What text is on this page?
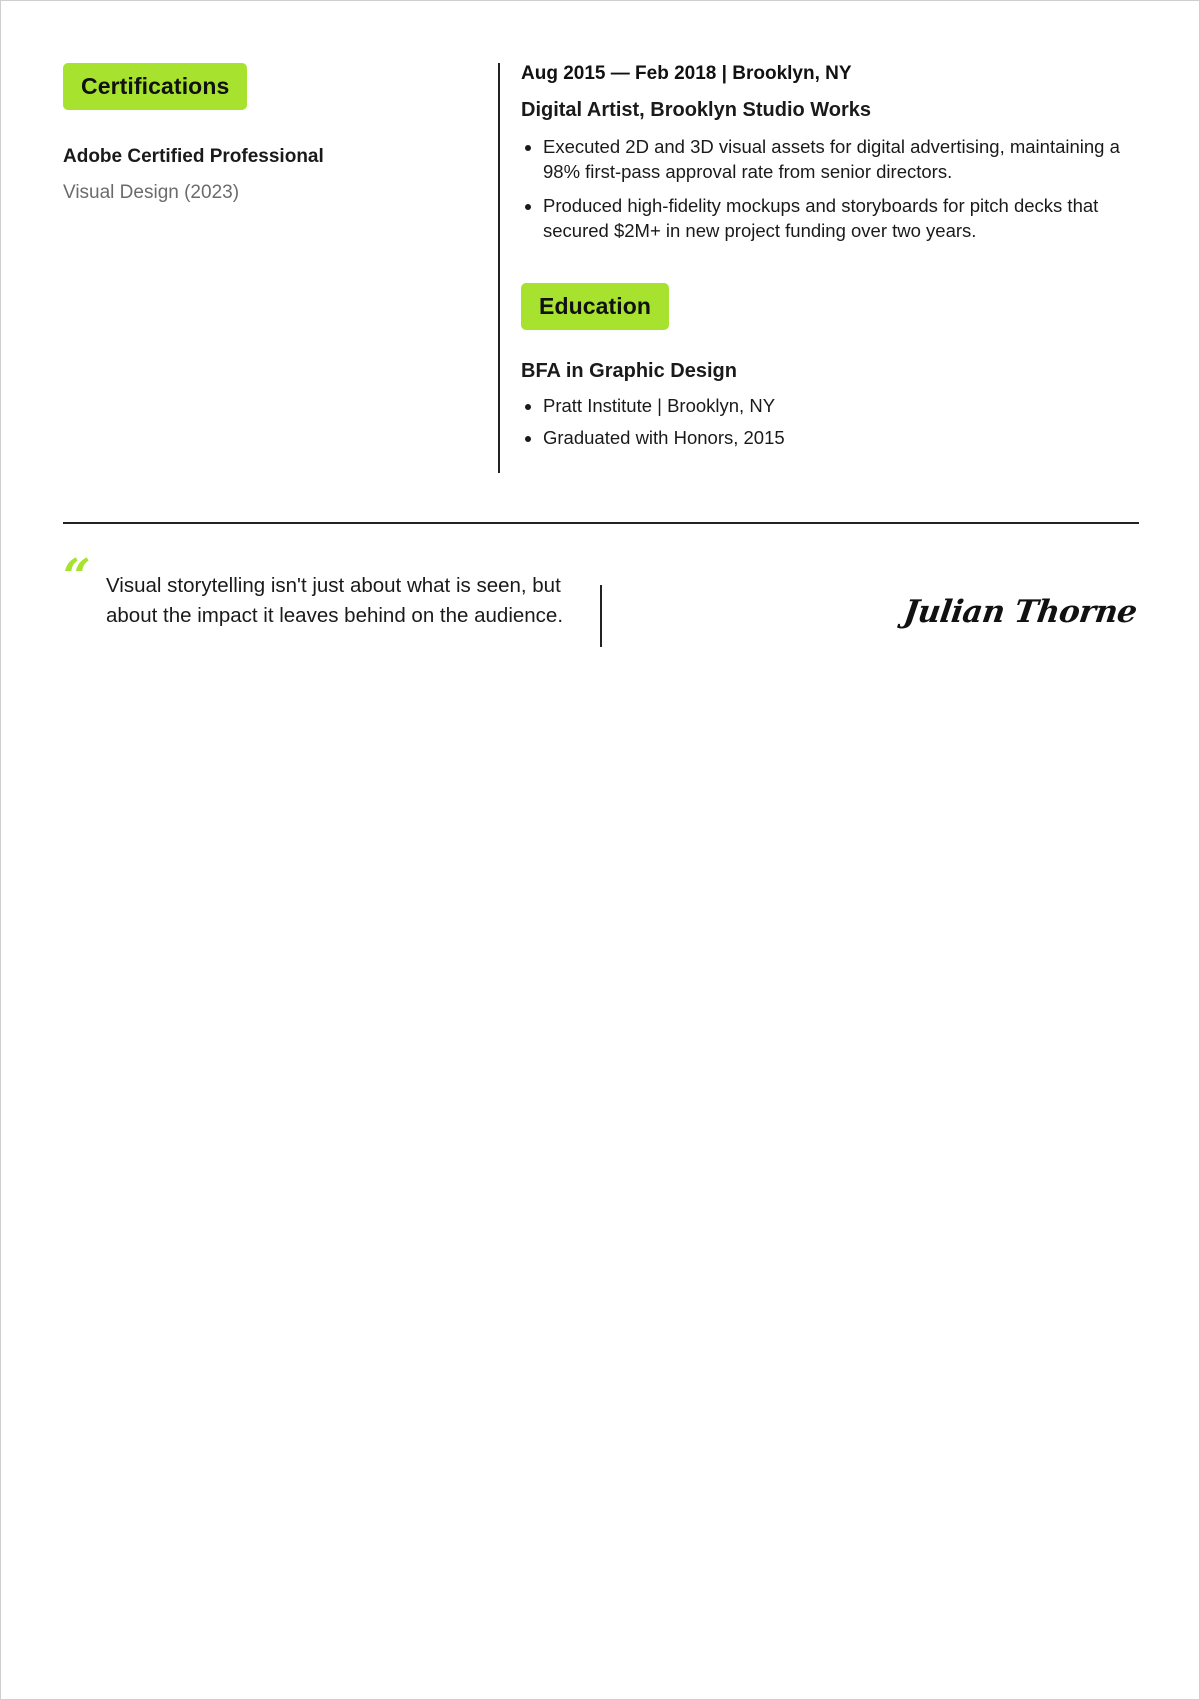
Certifications
Adobe Certified Professional
Visual Design (2023)
Aug 2015 — Feb 2018 | Brooklyn, NY
Digital Artist, Brooklyn Studio Works
• Executed 2D and 3D visual assets for digital advertising, maintaining a 98% first-pass approval rate from senior directors.
• Produced high-fidelity mockups and storyboards for pitch decks that secured $2M+ in new project funding over two years.
Education
BFA in Graphic Design
• Pratt Institute | Brooklyn, NY
• Graduated with Honors, 2015
“ Visual storytelling isn't just about what is seen, but about the impact it leaves behind on the audience.	Julian Thorne
